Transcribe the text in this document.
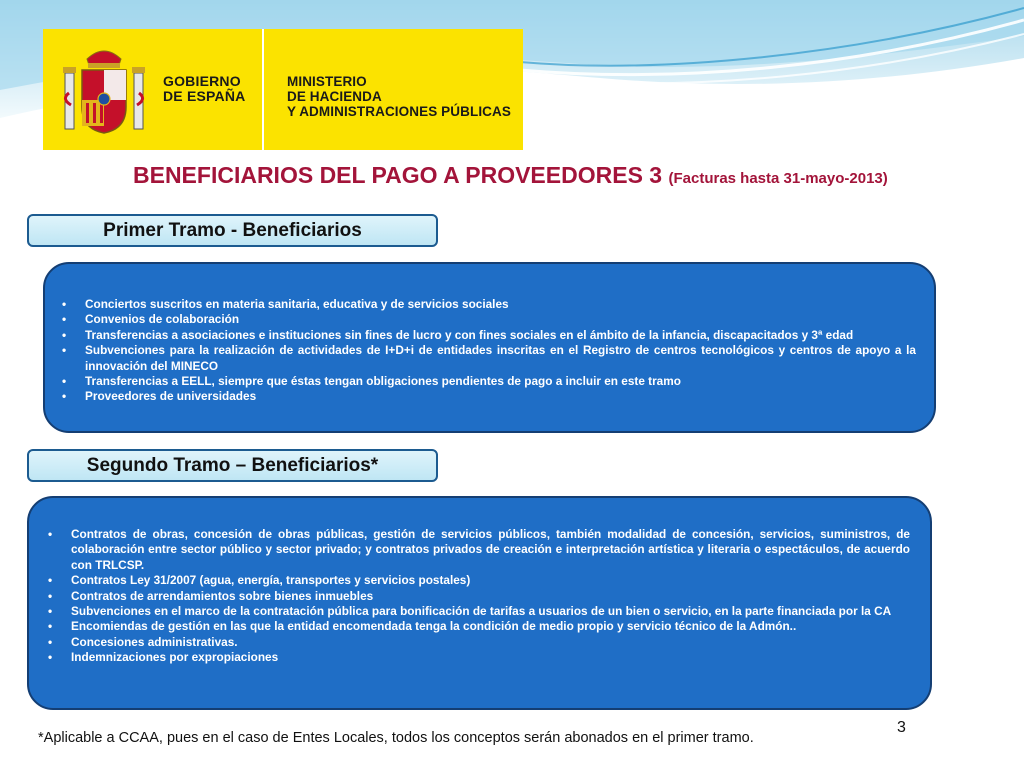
GOBIERNO
DE ESPAÑA
MINISTERIO
DE HACIENDA
Y ADMINISTRACIONES PÚBLICAS
BENEFICIARIOS DEL PAGO A PROVEEDORES 3 (Facturas hasta 31-mayo-2013)
Primer Tramo - Beneficiarios
• Conciertos suscritos en materia sanitaria, educativa y de servicios sociales
• Convenios de colaboración
• Transferencias a asociaciones e instituciones sin fines de lucro y con fines sociales en el ámbito de la infancia, discapacitados y 3ª edad
• Subvenciones para la realización de actividades de I+D+i de entidades inscritas en el Registro de centros tecnológicos y centros de apoyo a la innovación del MINECO
• Transferencias a EELL, siempre que éstas tengan obligaciones pendientes de pago a incluir en este tramo
• Proveedores de universidades
Segundo Tramo – Beneficiarios*
• Contratos de obras, concesión de obras públicas, gestión de servicios públicos, también modalidad de concesión, servicios, suministros, de colaboración entre sector público y sector privado; y contratos privados de creación e interpretación artística y literaria o espectáculos, de acuerdo con TRLCSP.
• Contratos Ley 31/2007 (agua, energía, transportes y servicios postales)
• Contratos de arrendamientos sobre bienes inmuebles
• Subvenciones en el marco de la contratación pública para bonificación de tarifas a usuarios de un bien o servicio, en la parte financiada por la CA
• Encomiendas de gestión en las que la entidad encomendada tenga la condición de medio propio y servicio técnico de la Admón..
• Concesiones administrativas.
• Indemnizaciones por expropiaciones
3
*Aplicable a CCAA, pues en el caso de Entes Locales, todos los conceptos serán abonados en el primer tramo.
